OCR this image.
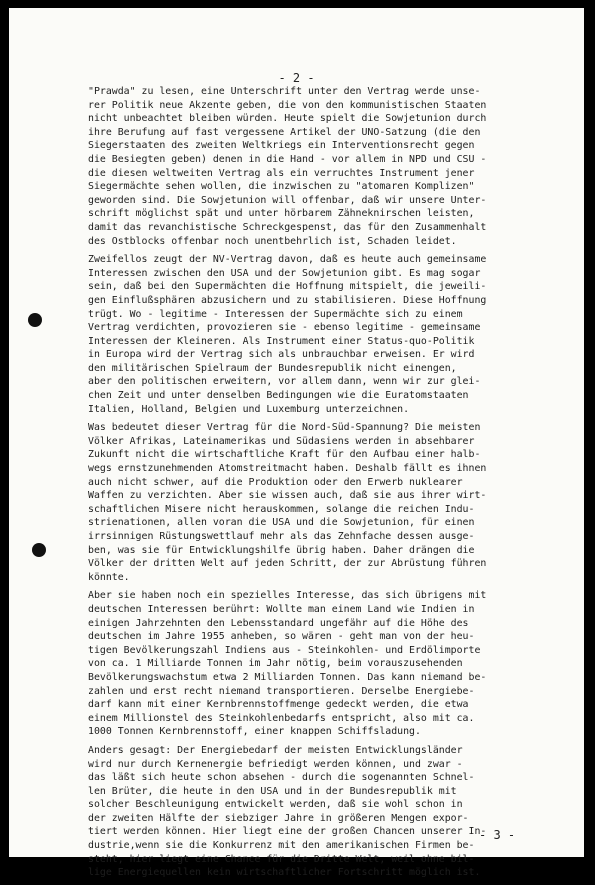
- 2 -
"Prawda" zu lesen, eine Unterschrift unter den Vertrag werde unse-
rer Politik neue Akzente geben, die von den kommunistischen Staaten
nicht unbeachtet bleiben würden. Heute spielt die Sowjetunion durch
ihre Berufung auf fast vergessene Artikel der UNO-Satzung (die den
Siegerstaaten des zweiten Weltkriegs ein Interventionsrecht gegen
die Besiegten geben) denen in die Hand - vor allem in NPD und CSU -
die diesen weltweiten Vertrag als ein verruchtes Instrument jener
Siegermächte sehen wollen, die inzwischen zu "atomaren Komplizen"
geworden sind. Die Sowjetunion will offenbar, daß wir unsere Unter-
schrift möglichst spät und unter hörbarem Zähneknirschen leisten,
damit das revanchistische Schreckgespenst, das für den Zusammenhalt
des Ostblocks offenbar noch unentbehrlich ist, Schaden leidet.
Zweifellos zeugt der NV-Vertrag davon, daß es heute auch gemeinsame
Interessen zwischen den USA und der Sowjetunion gibt. Es mag sogar
sein, daß bei den Supermächten die Hoffnung mitspielt, die jeweili-
gen Einflußsphären abzusichern und zu stabilisieren. Diese Hoffnung
trügt. Wo - legitime - Interessen der Supermächte sich zu einem
Vertrag verdichten, provozieren sie - ebenso legitime - gemeinsame
Interessen der Kleineren. Als Instrument einer Status-quo-Politik
in Europa wird der Vertrag sich als unbrauchbar erweisen. Er wird
den militärischen Spielraum der Bundesrepublik nicht einengen,
aber den politischen erweitern, vor allem dann, wenn wir zur glei-
chen Zeit und unter denselben Bedingungen wie die Euratomstaaten
Italien, Holland, Belgien und Luxemburg unterzeichnen.
Was bedeutet dieser Vertrag für die Nord-Süd-Spannung? Die meisten
Völker Afrikas, Lateinamerikas und Südasiens werden in absehbarer
Zukunft nicht die wirtschaftliche Kraft für den Aufbau einer halb-
wegs ernstzunehmenden Atomstreitmacht haben. Deshalb fällt es ihnen
auch nicht schwer, auf die Produktion oder den Erwerb nuklearer
Waffen zu verzichten. Aber sie wissen auch, daß sie aus ihrer wirt-
schaftlichen Misere nicht herauskommen, solange die reichen Indu-
strienationen, allen voran die USA und die Sowjetunion, für einen
irrsinnigen Rüstungswettlauf mehr als das Zehnfache dessen ausge-
ben, was sie für Entwicklungshilfe übrig haben. Daher drängen die
Völker der dritten Welt auf jeden Schritt, der zur Abrüstung führen
könnte.
Aber sie haben noch ein spezielles Interesse, das sich übrigens mit
deutschen Interessen berührt: Wollte man einem Land wie Indien in
einigen Jahrzehnten den Lebensstandard ungefähr auf die Höhe des
deutschen im Jahre 1955 anheben, so wären - geht man von der heu-
tigen Bevölkerungszahl Indiens aus - Steinkohlen- und Erdölimporte
von ca. 1 Milliarde Tonnen im Jahr nötig, beim vorauszusehenden
Bevölkerungswachstum etwa 2 Milliarden Tonnen. Das kann niemand be-
zahlen und erst recht niemand transportieren. Derselbe Energiebe-
darf kann mit einer Kernbrennstoffmenge gedeckt werden, die etwa
einem Millionstel des Steinkohlenbedarfs entspricht, also mit ca.
1000 Tonnen Kernbrennstoff, einer knappen Schiffsladung.
Anders gesagt: Der Energiebedarf der meisten Entwicklungsländer
wird nur durch Kernenergie befriedigt werden können, und zwar -
das läßt sich heute schon absehen - durch die sogenannten Schnel-
len Brüter, die heute in den USA und in der Bundesrepublik mit
solcher Beschleunigung entwickelt werden, daß sie wohl schon in
der zweiten Hälfte der siebziger Jahre in größeren Mengen expor-
tiert werden können. Hier liegt eine der großen Chancen unserer In-
dustrie,wenn sie die Konkurrenz mit den amerikanischen Firmen be-
steht, hier liegt eine Chance für die Dritte Welt, weil ohne bil-
lige Energiequellen kein wirtschaftlicher Fortschritt möglich ist.
- 3 -
